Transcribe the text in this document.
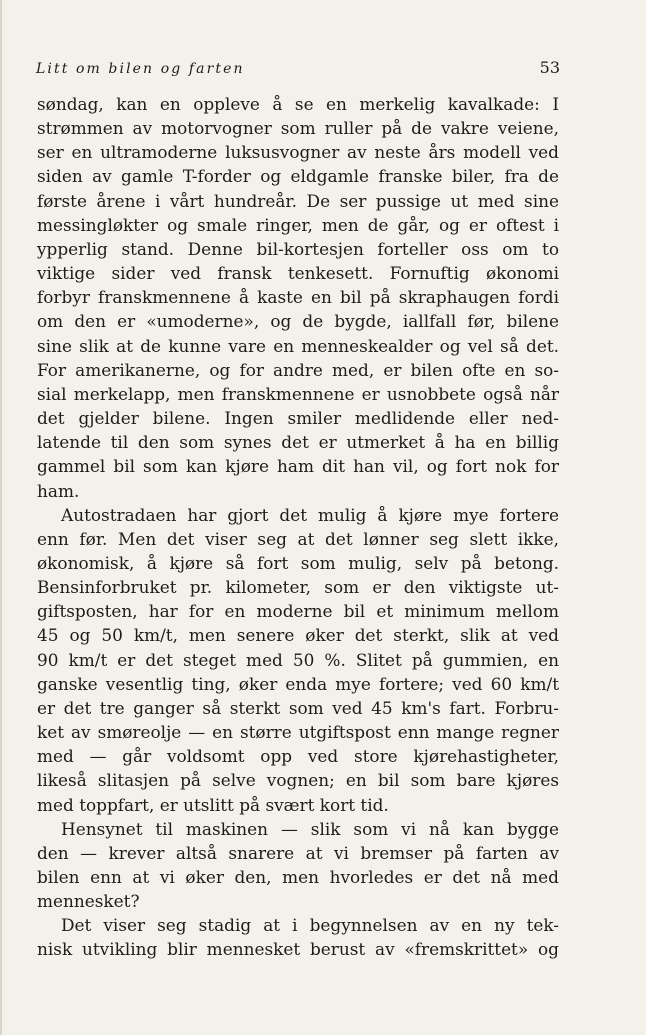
Litt om bilen og farten	53
søndag, kan en oppleve å se en merkelig kavalkade: I
strømmen av motorvogner som ruller på de vakre veiene,
ser en ultramoderne luksusvogner av neste års modell ved
siden av gamle T-forder og eldgamle franske biler, fra de
første årene i vårt hundreår. De ser pussige ut med sine
messingløkter og smale ringer, men de går, og er oftest i
ypperlig stand. Denne bil-kortesjen forteller oss om to
viktige sider ved fransk tenkesett. Fornuftig økonomi
forbyr franskmennene å kaste en bil på skraphaugen fordi
om den er «umoderne», og de bygde, iallfall før, bilene
sine slik at de kunne vare en menneskealder og vel så det.
For amerikanerne, og for andre med, er bilen ofte en so-
sial merkelapp, men franskmennene er usnobbete også når
det gjelder bilene. Ingen smiler medlidende eller ned-
latende til den som synes det er utmerket å ha en billig
gammel bil som kan kjøre ham dit han vil, og fort nok for
ham.
Autostradaen har gjort det mulig å kjøre mye fortere
enn før. Men det viser seg at det lønner seg slett ikke,
økonomisk, å kjøre så fort som mulig, selv på betong.
Bensinforbruket pr. kilometer, som er den viktigste ut-
giftsposten, har for en moderne bil et minimum mellom
45 og 50 km/t, men senere øker det sterkt, slik at ved
90 km/t er det steget med 50 %. Slitet på gummien, en
ganske vesentlig ting, øker enda mye fortere; ved 60 km/t
er det tre ganger så sterkt som ved 45 km's fart. Forbru-
ket av smøreolje — en større utgiftspost enn mange regner
med — går voldsomt opp ved store kjørehastigheter,
likeså slitasjen på selve vognen; en bil som bare kjøres
med toppfart, er utslitt på svært kort tid.
Hensynet til maskinen — slik som vi nå kan bygge
den — krever altså snarere at vi bremser på farten av
bilen enn at vi øker den, men hvorledes er det nå med
mennesket?
Det viser seg stadig at i begynnelsen av en ny tek-
nisk utvikling blir mennesket berust av «fremskrittet» og
